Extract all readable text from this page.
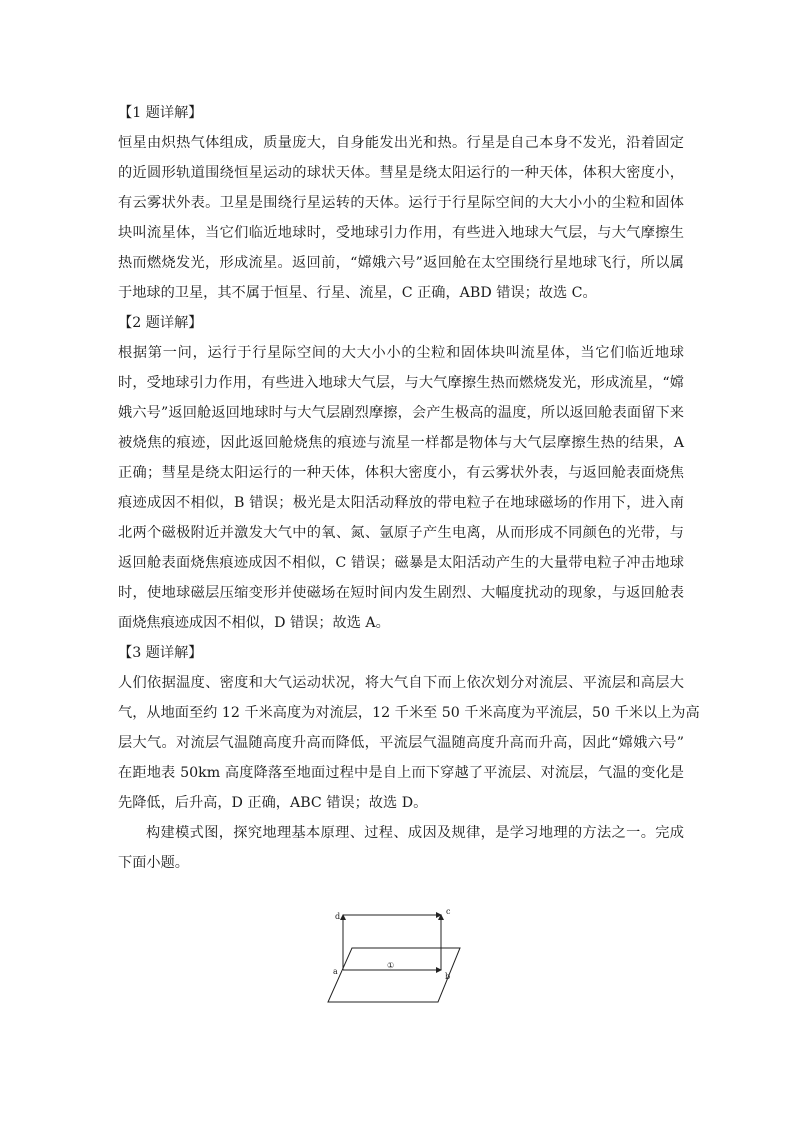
【1 题详解】
恒星由炽热气体组成，质量庞大，自身能发出光和热。行星是自己本身不发光，沿着固定
的近圆形轨道围绕恒星运动的球状天体。彗星是绕太阳运行的一种天体，体积大密度小，
有云雾状外表。卫星是围绕行星运转的天体。运行于行星际空间的大大小小的尘粒和固体
块叫流星体，当它们临近地球时，受地球引力作用，有些进入地球大气层，与大气摩擦生
热而燃烧发光，形成流星。返回前，“嫦娥六号”返回舱在太空围绕行星地球飞行，所以属
于地球的卫星，其不属于恒星、行星、流星，C 正确，ABD 错误；故选 C。
【2 题详解】
根据第一问，运行于行星际空间的大大小小的尘粒和固体块叫流星体，当它们临近地球
时，受地球引力作用，有些进入地球大气层，与大气摩擦生热而燃烧发光，形成流星，“嫦
娥六号”返回舱返回地球时与大气层剧烈摩擦，会产生极高的温度，所以返回舱表面留下来
被烧焦的痕迹，因此返回舱烧焦的痕迹与流星一样都是物体与大气层摩擦生热的结果，A
正确；彗星是绕太阳运行的一种天体，体积大密度小，有云雾状外表，与返回舱表面烧焦
痕迹成因不相似，B 错误；极光是太阳活动释放的带电粒子在地球磁场的作用下，进入南
北两个磁极附近并激发大气中的氧、氮、氩原子产生电离，从而形成不同颜色的光带，与
返回舱表面烧焦痕迹成因不相似，C 错误；磁暴是太阳活动产生的大量带电粒子冲击地球
时，使地球磁层压缩变形并使磁场在短时间内发生剧烈、大幅度扰动的现象，与返回舱表
面烧焦痕迹成因不相似，D 错误；故选 A。
【3 题详解】
人们依据温度、密度和大气运动状况，将大气自下而上依次划分对流层、平流层和高层大
气，从地面至约 12 千米高度为对流层，12 千米至 50 千米高度为平流层，50 千米以上为高
层大气。对流层气温随高度升高而降低，平流层气温随高度升高而升高，因此“嫦娥六号”
在距地表 50km 高度降落至地面过程中是自上而下穿越了平流层、对流层，气温的变化是
先降低，后升高，D 正确，ABC 错误；故选 D。
构建模式图，探究地理基本原理、过程、成因及规律，是学习地理的方法之一。完成
下面小题。
a
b
c
d
①
